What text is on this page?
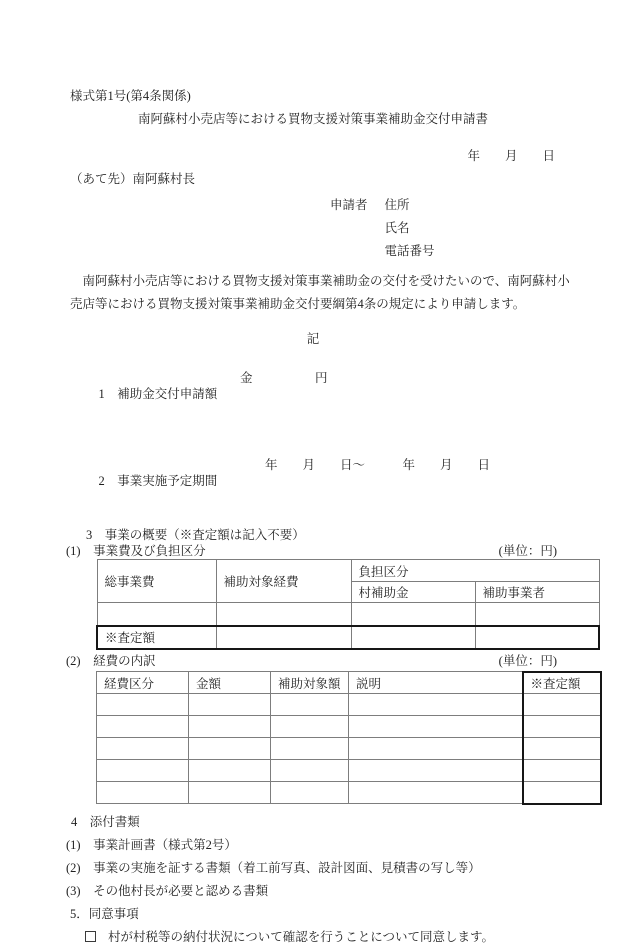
様式第1号(第4条関係)
南阿蘇村小売店等における買物支援対策事業補助金交付申請書
年　　月　　日
（あて先）南阿蘇村長
申請者 住所
氏名
電話番号
　南阿蘇村小売店等における買物支援対策事業補助金の交付を受けたいので、南阿蘇村小
売店等における買物支援対策事業補助金交付要綱第4条の規定により申請します。
記

1　補助金交付申請額

金

	円

2　事業実施予定期間

年　　月　　日～　　　年　　月　　日

3　事業の概要（※査定額は記入不要）
(1)　事業費及び負担区分	(単位：円)
総事業費	補助対象経費	負担区分	
		村補助金	補助事業者

※査定額			
(2)　経費の内訳	(単位：円)
経費区分	金額	補助対象額	説明	※査定額

4　添付書類
(1)　事業計画書（様式第2号）
(2)　事業の実施を証する書類（着工前写真、設計図面、見積書の写し等）
(3)　その他村長が必要と認める書類
5．同意事項
村が村税等の納付状況について確認を行うことについて同意します。
